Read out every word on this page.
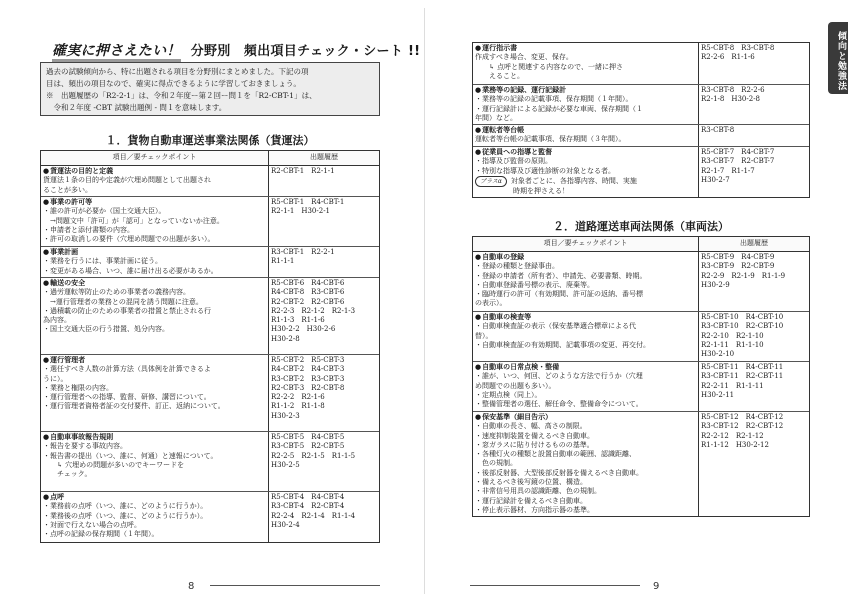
確実に押さえたい！ 分野別　頻出項目チェック・シート !!

過去の試験傾向から、特に出題される項目を分野別にまとめました。下記の項

目は、頻出の項目なので、確実に得点できるように学習しておきましょう。

※　出題履歴の「R2-2-1」は、令和２年度ー第２回ー問１を「R2-CBT-1」は、

　令和２年度 -CBT 試験出題例 - 問１を意味します。

１．貨物自動車運送事業法関係（貨運法）
項目／要チェックポイント	出題履歴
●貨運法の目的と定義
貨運法１条の目的や定義が穴埋め問題として出題され
ることが多い。
R2-CBT-1　R2-1-1
●事業の許可等
・誰の許可が必要か（国土交通大臣）。
　→問題文中「許可」が「認可」となっていないか注意。
・申請者と添付書類の内容。
・許可の取消しの要件（穴埋め問題での出題が多い）。
R5-CBT-1　R4-CBT-1
R2-1-1　H30-2-1
●事業計画
・業務を行うには、事業計画に従う。
・変更がある場合、いつ、誰に届け出る必要があるか。
R3-CBT-1　R2-2-1
R1-1-1
●輸送の安全
・過労運転等防止のための事業者の義務内容。
　→運行管理者の業務との混同を誘う問題に注意。
・過積載の防止のための事業者の措置と禁止される行
為内容。
・国土交通大臣の行う措置、処分内容。
R5-CBT-6　R4-CBT-6
R4-CBT-8　R3-CBT-6
R2-CBT-2　R2-CBT-6
R2-2-3　R2-1-2　R2-1-3
R1-1-3　R1-1-6
H30-2-2　H30-2-6
H30-2-8
●運行管理者
・選任すべき人数の計算方法（具体例を計算できるよ
うに）。
・業務と権限の内容。
・運行管理者への指導、監督、研修、講習について。
・運行管理者資格者証の交付要件、訂正、返納について。
R5-CBT-2　R5-CBT-3
R4-CBT-2　R4-CBT-3
R3-CBT-2　R3-CBT-3
R2-CBT-3　R2-CBT-8
R2-2-2　R2-1-6
R1-1-2　R1-1-8
H30-2-3
●自動車事故報告規則
・報告を要する事故内容。
・報告書の提出（いつ、誰に、何通）と速報について。
↳ 穴埋めの問題が多いのでキーワードを
チェック。
R5-CBT-5　R4-CBT-5
R3-CBT-5　R2-CBT-5
R2-2-5　R2-1-5　R1-1-5
H30-2-5
●点呼
・業務前の点呼（いつ、誰に、どのように行うか）。
・業務後の点呼（いつ、誰に、どのように行うか）。
・対面で行えない場合の点呼。
・点呼の記録の保存期間（１年間）。
R5-CBT-4　R4-CBT-4
R3-CBT-4　R2-CBT-4
R2-2-4　R2-1-4　R1-1-4
H30-2-4
8
傾向と勉強法
●運行指示書
作成すべき場合、変更、保存。
↳ 点呼と関連する内容なので、一緒に押さ
えること。
R5-CBT-8　R3-CBT-8
R2-2-6　R1-1-6
●業務等の記録、運行記録計
・業務等の記録の記載事項、保存期間（１年間）。
・運行記録計による記録が必要な車両、保存期間（１
年間）など。
R3-CBT-8　R2-2-6
R2-1-8　H30-2-8
●運転者等台帳
運転者等台帳の記載事項、保存期間（３年間）。
R3-CBT-8
●従業員への指導と監督
・指導及び監督の原則。
・特別な指導及び適性診断の対象となる者。
プラスα 対象者ごとに、各指導内容、時間、実施
時期を押さえる！
R5-CBT-7　R4-CBT-7
R3-CBT-7　R2-CBT-7
R2-1-7　R1-1-7
H30-2-7
２．道路運送車両法関係（車両法）
項目／要チェックポイント	出題履歴
●自動車の登録
・登録の種類と登録事由。
・登録の申請者（所有者）、申請先、必要書類、時期。
・自動車登録番号標の表示、廃棄等。
・臨時運行の許可（有効期間、許可証の返納、番号標
の表示）。
R5-CBT-9　R4-CBT-9
R3-CBT-9　R2-CBT-9
R2-2-9　R2-1-9　R1-1-9
H30-2-9
●自動車の検査等
・自動車検査証の表示（保安基準適合標章による代
替）。
・自動車検査証の有効期間、記載事項の変更、再交付。
R5-CBT-10　R4-CBT-10
R3-CBT-10　R2-CBT-10
R2-2-10　R2-1-10
R2-1-11　R1-1-10
H30-2-10
●自動車の日常点検・整備
・誰が、いつ、何回、どのような方法で行うか（穴埋
め問題での出題も多い）。
・定期点検（同上）。
・整備管理者の選任、解任命令、整備命令について。
R5-CBT-11　R4-CBT-11
R3-CBT-11　R2-CBT-11
R2-2-11　R1-1-11
H30-2-11
●保安基準（細目告示）
・自動車の長さ、幅、高さの制限。
・速度抑制装置を備えるべき自動車。
・窓ガラスに貼り付けるものの基準。
・各種灯火の種類と設置自動車の範囲、認識距離、
　色の規制。
・後部反射器、大型後部反射器を備えるべき自動車。
・備えるべき後写鏡の位置、構造。
・非常信号用具の認識距離、色の規制。
・運行記録計を備えるべき自動車。
・停止表示器材、方向指示器の基準。
R5-CBT-12　R4-CBT-12
R3-CBT-12　R2-CBT-12
R2-2-12　R2-1-12
R1-1-12　H30-2-12
9
